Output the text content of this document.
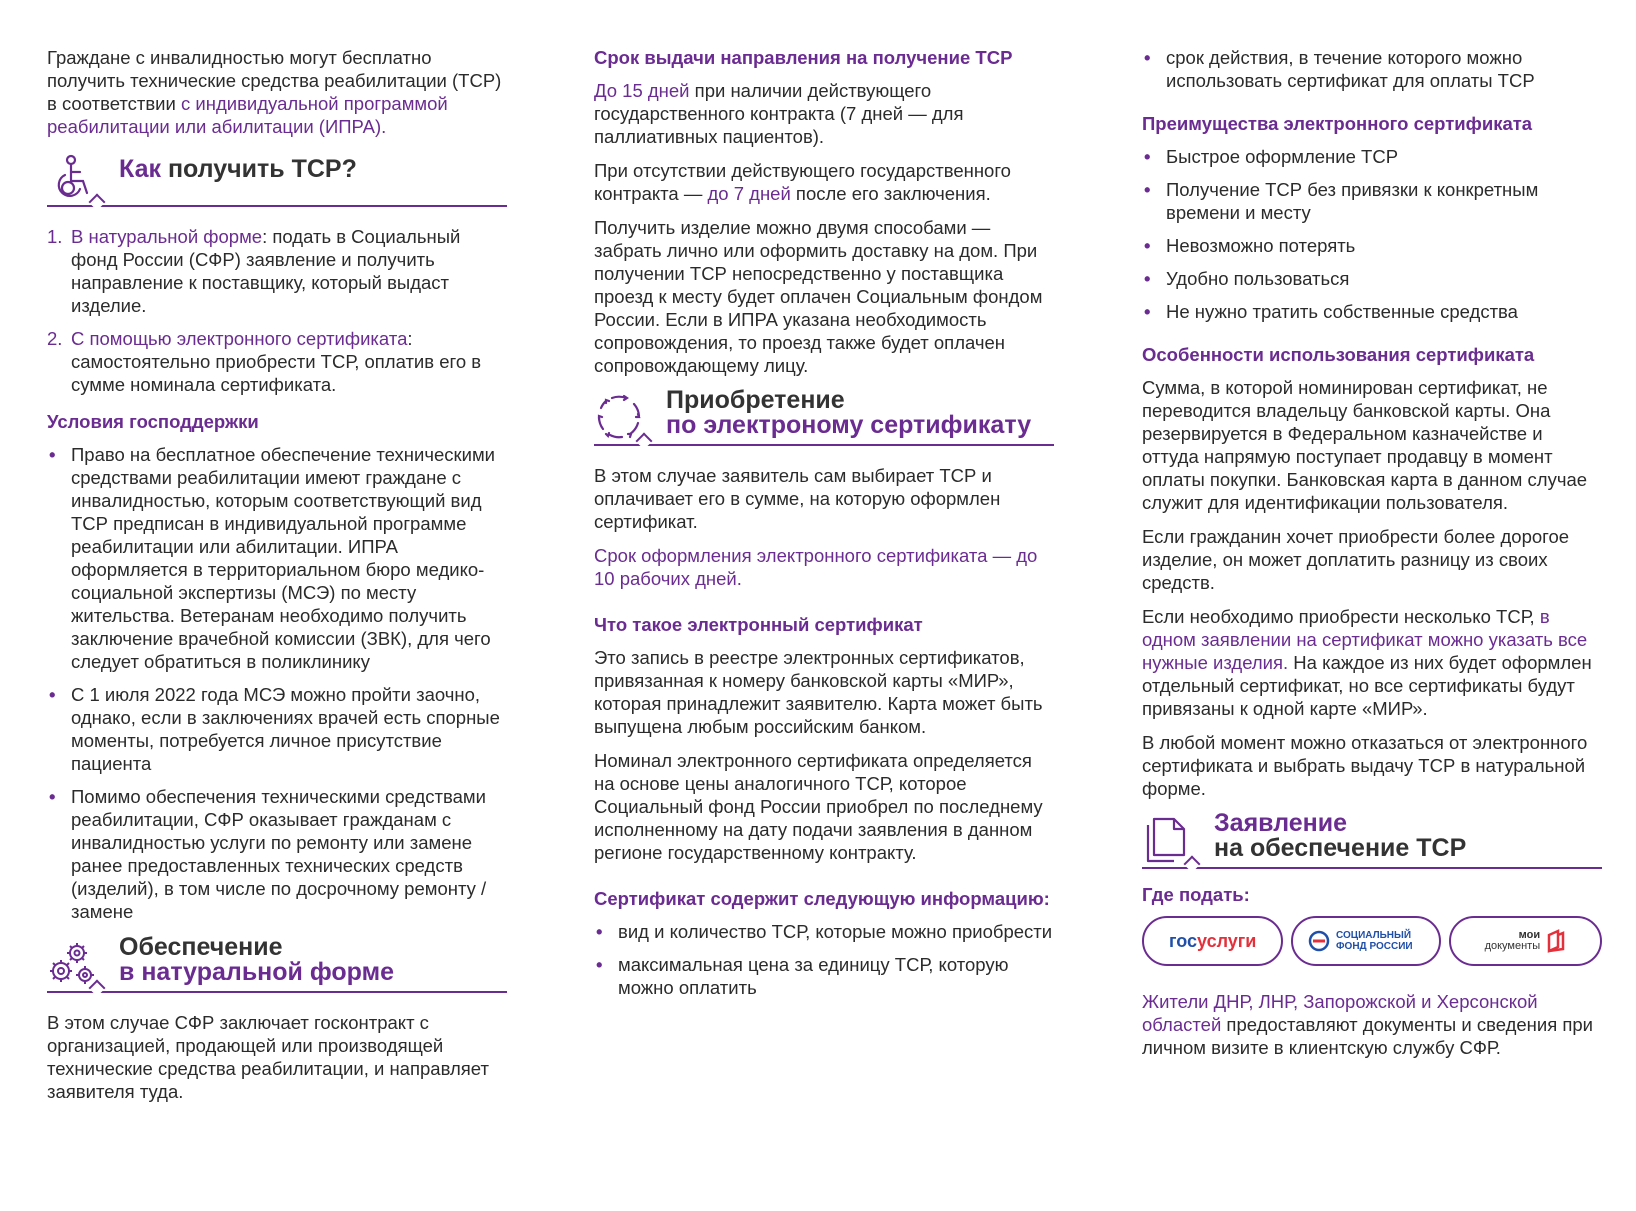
Граждане с инвалидностью могут бесплатно получить технические средства реабилитации (ТСР) в соответствии с индивидуальной программой реабилитации или абилитации (ИПРА).

Как получить ТСР?
1. В натуральной форме: подать в Социальный фонд России (СФР) заявление и получить направление к поставщику, который выдаст изделие.
2. С помощью электронного сертификата: самостоятельно приобрести ТСР, оплатив его в сумме номинала сертификата.
Условия господдержки
• Право на бесплатное обеспечение техническими средствами реабилитации имеют граждане с инвалидностью, которым соответствующий вид ТСР предписан в индивидуальной программе реабилитации или абилитации. ИПРА оформляется в территориальном бюро медико-социальной экспертизы (МСЭ) по месту жительства. Ветеранам необходимо получить заключение врачебной комиссии (ЗВК), для чего следует обратиться в поликлинику
• С 1 июля 2022 года МСЭ можно пройти заочно, однако, если в заключениях врачей есть спорные моменты, потребуется личное присутствие пациента
• Помимо обеспечения техническими средствами реабилитации, СФР оказывает гражданам с инвалидностью услуги по ремонту или замене ранее предоставленных технических средств (изделий), в том числе по досрочному ремонту / замене
Обеспечение
в натуральной форме

В этом случае СФР заключает госконтракт с организацией, продающей или производящей технические средства реабилитации, и направляет заявителя туда.

Срок выдачи направления на получение ТСР

До 15 дней при наличии действующего государственного контракта (7 дней — для паллиативных пациентов).

При отсутствии действующего государственного контракта — до 7 дней после его заключения.

Получить изделие можно двумя способами — забрать лично или оформить доставку на дом. При получении ТСР непосредственно у поставщика проезд к месту будет оплачен Социальным фондом России. Если в ИПРА указана необходимость сопровождения, то проезд также будет оплачен сопровождающему лицу.

Приобретение
по электроному сертификату

В этом случае заявитель сам выбирает ТСР и оплачивает его в сумме, на которую оформлен сертификат.

Срок оформления электронного сертификата — до 10 рабочих дней.

Что такое электронный сертификат

Это запись в реестре электронных сертификатов, привязанная к номеру банковской карты «МИР», которая принадлежит заявителю. Карта может быть выпущена любым российским банком.

Номинал электронного сертификата определяется на основе цены аналогичного ТСР, которое Социальный фонд России приобрел по последнему исполненному на дату подачи заявления в данном регионе государственному контракту.

Сертификат содержит следующую информацию:
• вид и количество ТСР, которые можно приобрести
• максимальная цена за единицу ТСР, которую можно оплатить
• срок действия, в течение которого можно использовать сертификат для оплаты ТСР
Преимущества электронного сертификата
• Быстрое оформление ТСР
• Получение ТСР без привязки к конкретным времени и месту
• Невозможно потерять
• Удобно пользоваться
• Не нужно тратить собственные средства
Особенности использования сертификата

Сумма, в которой номинирован сертификат, не переводится владельцу банковской карты. Она резервируется в Федеральном казначействе и оттуда напрямую поступает продавцу в момент оплаты покупки. Банковская карта в данном случае служит для идентификации пользователя.

Если гражданин хочет приобрести более дорогое изделие, он может доплатить разницу из своих средств.

Если необходимо приобрести несколько ТСР, в одном заявлении на сертификат можно указать все нужные изделия. На каждое из них будет оформлен отдельный сертификат, но все сертификаты будут привязаны к одной карте «МИР».

В любой момент можно отказаться от электронного сертификата и выбрать выдачу ТСР в натуральной форме.

Заявление
на обеспечение ТСР
Где подать:
гос услуги	СОЦИАЛЬНЫЙ ФОНД РОССИИ
мои
документы

Жители ДНР, ЛНР, Запорожской и Херсонской областей предоставляют документы и сведения при личном визите в клиентскую службу СФР.
